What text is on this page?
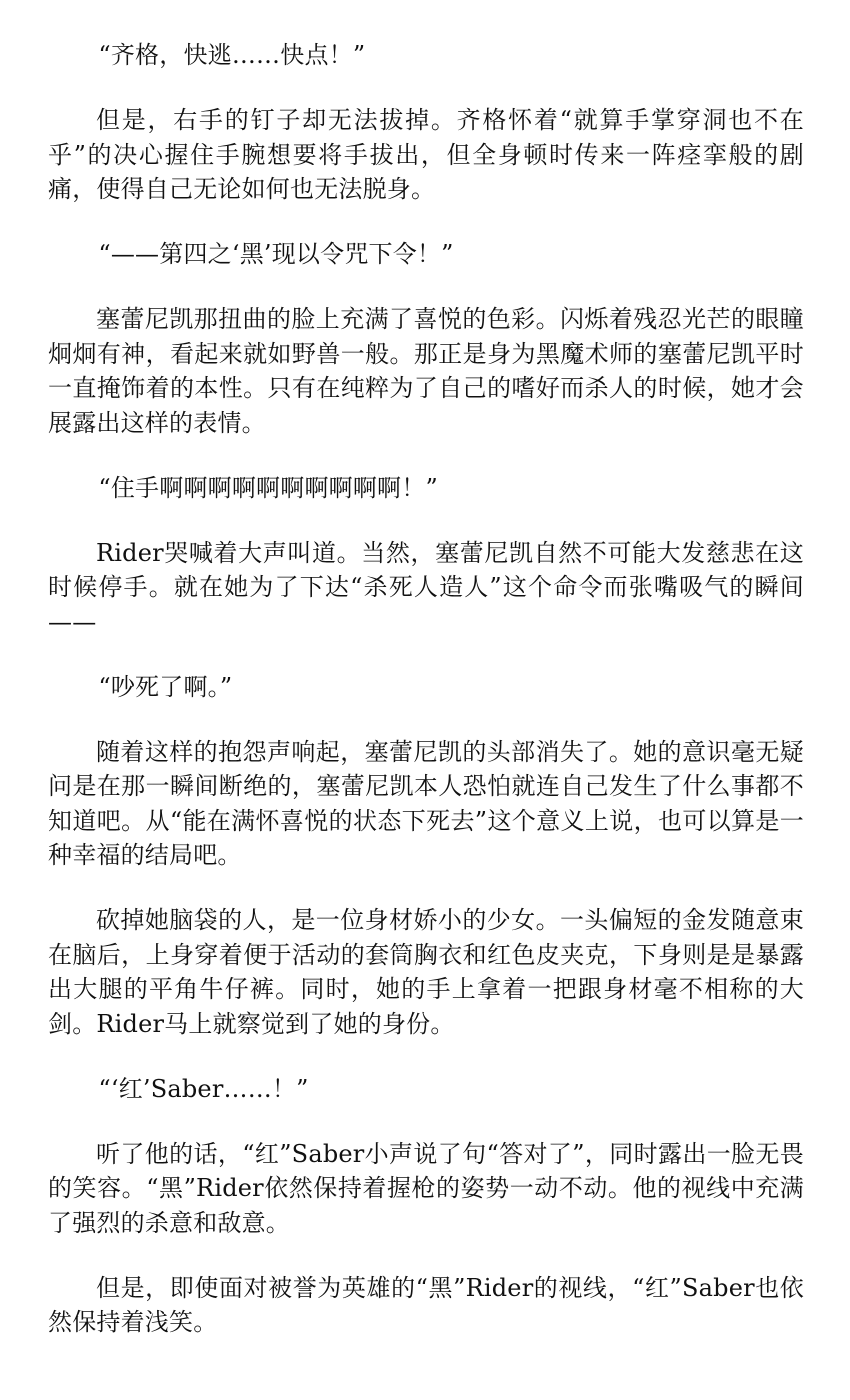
“齐格，快逃……快点！”

但是，右手的钉子却无法拔掉。齐格怀着“就算手掌穿洞也不在乎”的决心握住手腕想要将手拔出，但全身顿时传来一阵痉挛般的剧痛，使得自己无论如何也无法脱身。

“——第四之‘黑’现以令咒下令！”

塞蕾尼凯那扭曲的脸上充满了喜悦的色彩。闪烁着残忍光芒的眼瞳炯炯有神，看起来就如野兽一般。那正是身为黑魔术师的塞蕾尼凯平时一直掩饰着的本性。只有在纯粹为了自己的嗜好而杀人的时候，她才会展露出这样的表情。

“住手啊啊啊啊啊啊啊啊啊啊！”

Rider哭喊着大声叫道。当然，塞蕾尼凯自然不可能大发慈悲在这时候停手。就在她为了下达“杀死人造人”这个命令而张嘴吸气的瞬间——

“吵死了啊。”

随着这样的抱怨声响起，塞蕾尼凯的头部消失了。她的意识毫无疑问是在那一瞬间断绝的，塞蕾尼凯本人恐怕就连自己发生了什么事都不知道吧。从“能在满怀喜悦的状态下死去”这个意义上说，也可以算是一种幸福的结局吧。

砍掉她脑袋的人，是一位身材娇小的少女。一头偏短的金发随意束在脑后，上身穿着便于活动的套筒胸衣和红色皮夹克，下身则是是暴露出大腿的平角牛仔裤。同时，她的手上拿着一把跟身材毫不相称的大剑。Rider马上就察觉到了她的身份。

“‘红’Saber……！”

听了他的话，“红”Saber小声说了句“答对了”，同时露出一脸无畏的笑容。“黑”Rider依然保持着握枪的姿势一动不动。他的视线中充满了强烈的杀意和敌意。

但是，即使面对被誉为英雄的“黑”Rider的视线，“红”Saber也依然保持着浅笑。
